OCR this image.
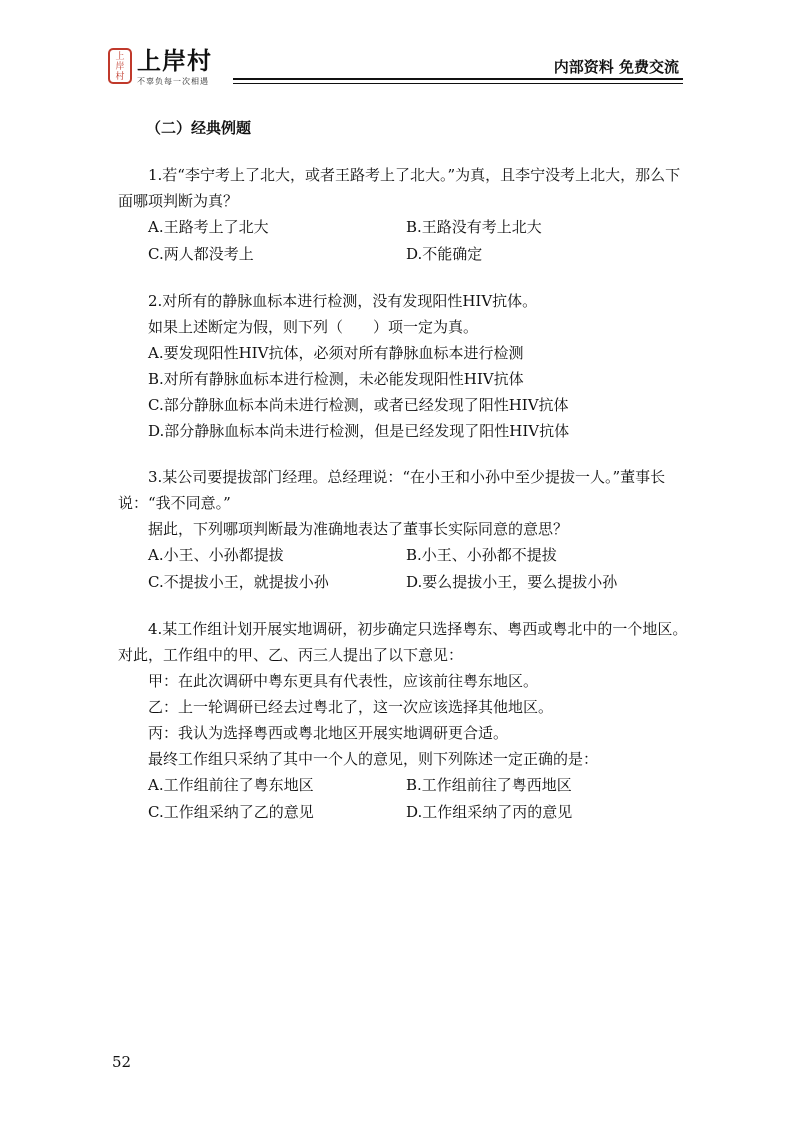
上
岸
村
上岸村
不辜负每一次相遇
内部资料 免费交流

（二）经典例题

1.若“李宁考上了北大，或者王路考上了北大。”为真，且李宁没考上北大，那么下面哪项判断为真？

A.王路考上了北大	B.王路没有考上北大
C.两人都没考上	D.不能确定

2.对所有的静脉血标本进行检测，没有发现阳性HIV抗体。

如果上述断定为假，则下列（　　）项一定为真。

A.要发现阳性HIV抗体，必须对所有静脉血标本进行检测
B.对所有静脉血标本进行检测，未必能发现阳性HIV抗体
C.部分静脉血标本尚未进行检测，或者已经发现了阳性HIV抗体
D.部分静脉血标本尚未进行检测，但是已经发现了阳性HIV抗体

3.某公司要提拔部门经理。总经理说：“在小王和小孙中至少提拔一人。”董事长说：“我不同意。”

据此，下列哪项判断最为准确地表达了董事长实际同意的意思？

A.小王、小孙都提拔	B.小王、小孙都不提拔
C.不提拔小王，就提拔小孙	D.要么提拔小王，要么提拔小孙

4.某工作组计划开展实地调研，初步确定只选择粤东、粤西或粤北中的一个地区。对此，工作组中的甲、乙、丙三人提出了以下意见：

甲：在此次调研中粤东更具有代表性，应该前往粤东地区。

乙：上一轮调研已经去过粤北了，这一次应该选择其他地区。

丙：我认为选择粤西或粤北地区开展实地调研更合适。

最终工作组只采纳了其中一个人的意见，则下列陈述一定正确的是：

A.工作组前往了粤东地区	B.工作组前往了粤西地区
C.工作组采纳了乙的意见	D.工作组采纳了丙的意见
52
